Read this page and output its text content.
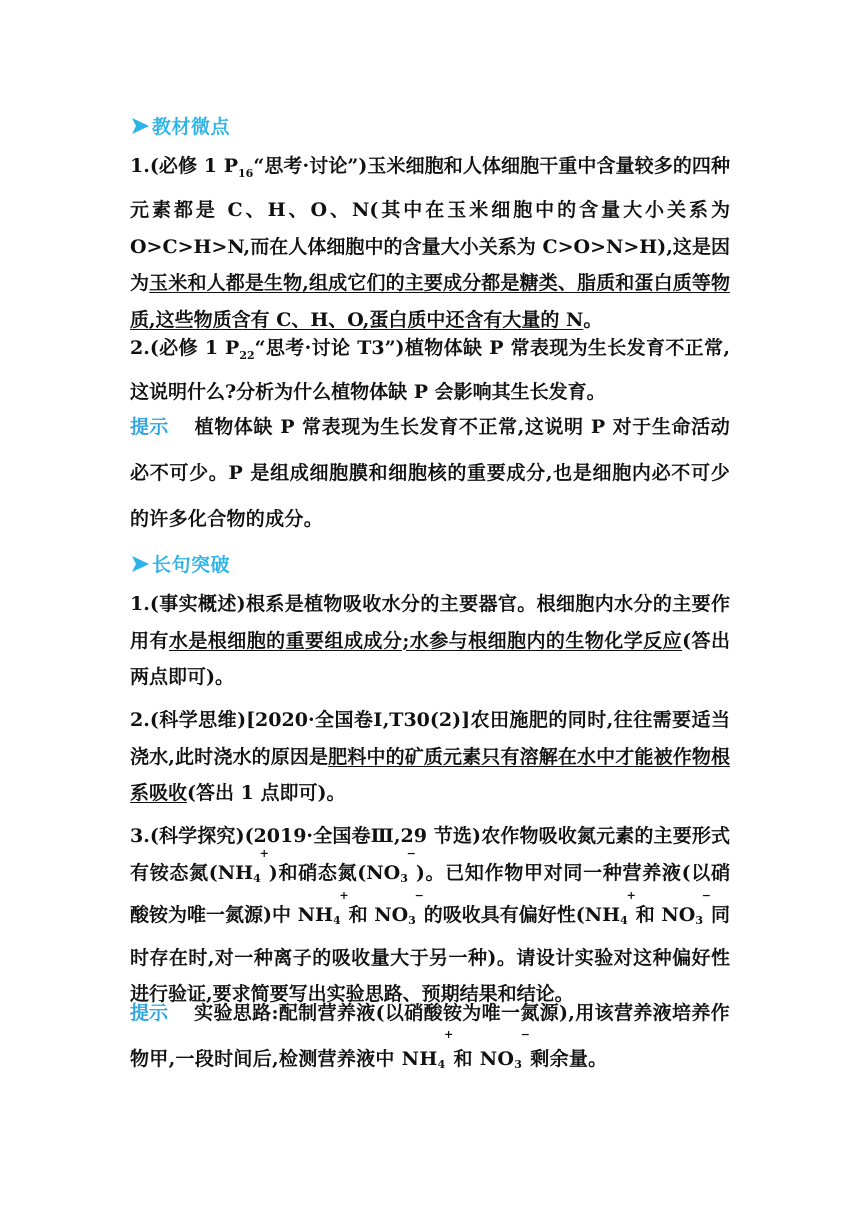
教材微点
1.(必修 1 $P_{16}“$思考·讨论”)玉米细胞和人体细胞干重中含量较多的四种元素都是 C、H、O、N(其中在玉米细胞中的含量大小关系为O>C>H>N,而在人体细胞中的含量大小关系为 C>O>N>H),这是因为玉米和人都是生物,组成它们的主要成分都是糖类、脂质和蛋白质等物质,这些物质含有 C、H、O,蛋白质中还含有大量的 N。
2.(必修 1 $P_{22}“$思考·讨论 T3”)植物体缺 P 常表现为生长发育不正常,这说明什么?分析为什么植物体缺 P 会影响其生长发育。
提示 植物体缺 P 常表现为生长发育不正常,这说明 P 对于生命活动必不可少。P 是组成细胞膜和细胞核的重要成分,也是细胞内必不可少的许多化合物的成分。
长句突破
1.(事实概述)根系是植物吸收水分的主要器官。根细胞内水分的主要作用有水是根细胞的重要组成成分;水参与根细胞内的生物化学反应(答出两点即可)。
2.(科学思维)[2020·全国卷Ⅰ,T30(2)]农田施肥的同时,往往需要适当浇水,此时浇水的原因是肥料中的矿质元素只有溶解在水中才能被作物根系吸收(答出 1 点即可)。
3.(科学探究)(2019·全国卷Ⅲ,29 节选)农作物吸收氮元素的主要形式有铵态氮(NH4
+
)和硝态氮(NO3
−
)。已知作物甲对同一种营养液(以硝酸铵为唯一氮源)中 NH4
+
和 NO3
−
的吸收具有偏好性(NH4
+
和 NO3
−
同时存在时,对一种离子的吸收量大于另一种)。请设计实验对这种偏好性进行验证,要求简要写出实验思路、预期结果和结论。
提示 实验思路:配制营养液(以硝酸铵为唯一氮源),用该营养液培养作物甲,一段时间后,检测营养液中 NH4
+
和 NO3
−
剩余量。
